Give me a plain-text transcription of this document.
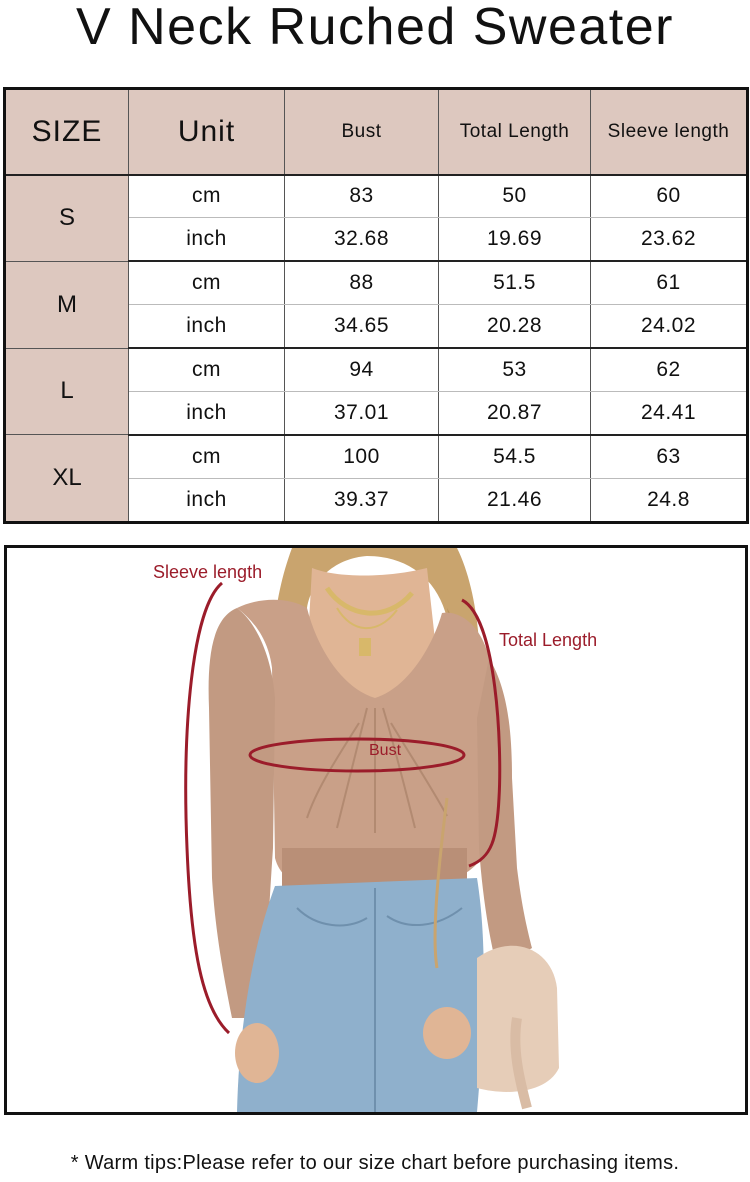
V Neck Ruched Sweater
SIZE	Unit	Bust	Total Length	Sleeve length
S	cm	83	50	60
	inch	32.68	19.69	23.62
M	cm	88	51.5	61
	inch	34.65	20.28	24.02
L	cm	94	53	62
	inch	37.01	20.87	24.41
XL	cm	100	54.5	63
	inch	39.37	21.46	24.8
Sleeve length
Total Length
Bust
* Warm tips:Please refer to our size chart before purchasing items.
